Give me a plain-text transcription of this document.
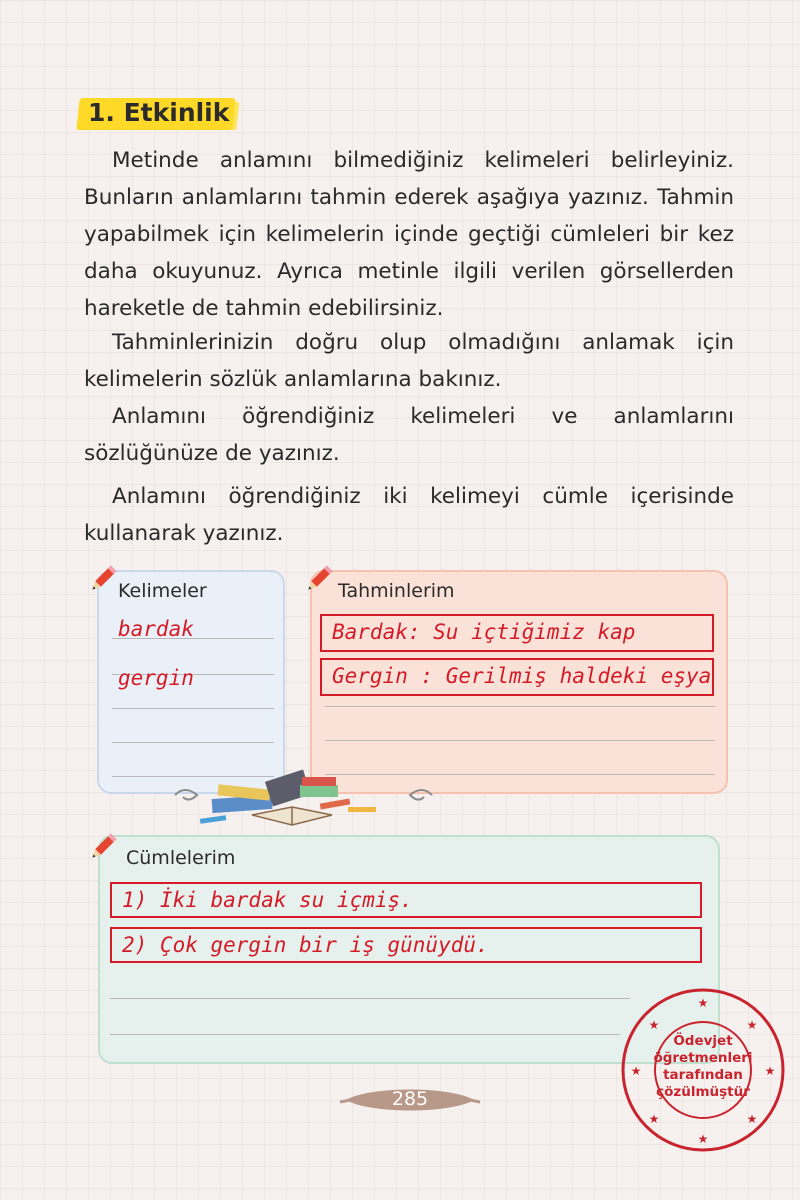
1. Etkinlik

Metinde anlamını bilmediğiniz kelimeleri belirleyiniz. Bunların anlamlarını tahmin ederek aşağıya yazınız. Tahmin yapabilmek için kelimelerin içinde geçtiği cümleleri bir kez daha okuyunuz. Ayrıca metinle ilgili verilen görsellerden hareketle de tahmin edebilirsiniz.

Tahminlerinizin doğru olup olmadığını anlamak için kelimelerin sözlük anlamlarına bakınız.

Anlamını öğrendiğiniz kelimeleri ve anlamlarını sözlüğünüze de yazınız.

Anlamını öğrendiğiniz iki kelimeyi cümle içerisinde kullanarak yazınız.

Kelimeler
bardak
gergin
Tahminlerim
Bardak: Su içtiğimiz kap
Gergin : Gerilmiş haldeki eşya
Cümlelerim
1) İki bardak su içmiş.
2) Çok gergin bir iş günüydü.
285
★
★
★	★
★	★
★	★
Ödevjet
öğretmenleri
tarafından
çözülmüştür
